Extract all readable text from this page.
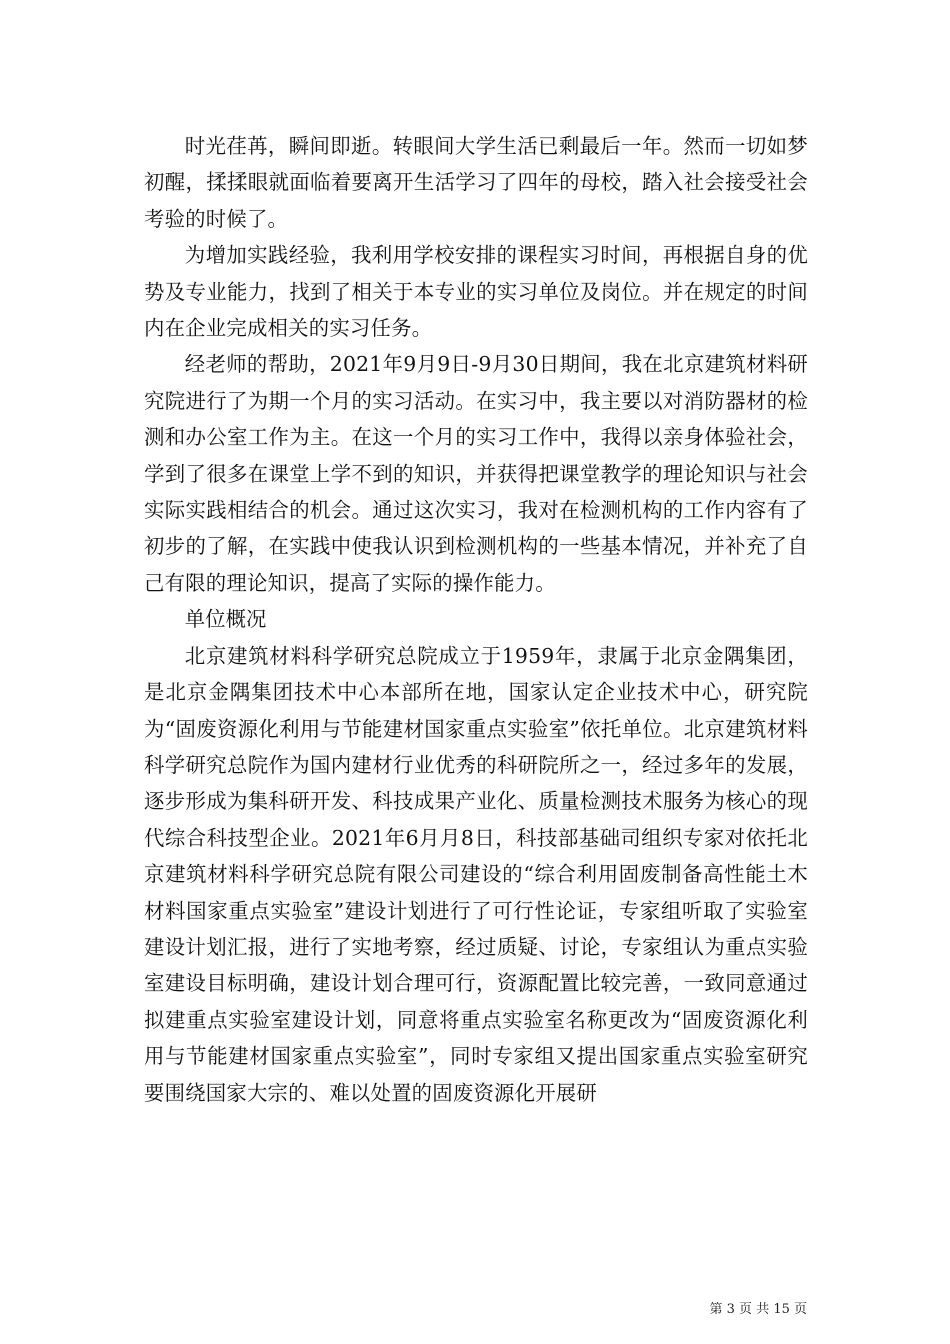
时光荏苒，瞬间即逝。转眼间大学生活已剩最后一年。然而一切如梦初醒，揉揉眼就面临着要离开生活学习了四年的母校，踏入社会接受社会考验的时候了。

为增加实践经验，我利用学校安排的课程实习时间，再根据自身的优势及专业能力，找到了相关于本专业的实习单位及岗位。并在规定的时间内在企业完成相关的实习任务。

经老师的帮助，2021年9月9日-9月30日期间，我在北京建筑材料研究院进行了为期一个月的实习活动。在实习中，我主要以对消防器材的检测和办公室工作为主。在这一个月的实习工作中，我得以亲身体验社会，学到了很多在课堂上学不到的知识，并获得把课堂教学的理论知识与社会实际实践相结合的机会。通过这次实习，我对在检测机构的工作内容有了初步的了解，在实践中使我认识到检测机构的一些基本情况，并补充了自己有限的理论知识，提高了实际的操作能力。

单位概况

北京建筑材料科学研究总院成立于1959年，隶属于北京金隅集团，是北京金隅集团技术中心本部所在地，国家认定企业技术中心，研究院为“固废资源化利用与节能建材国家重点实验室”依托单位。北京建筑材料科学研究总院作为国内建材行业优秀的科研院所之一，经过多年的发展，逐步形成为集科研开发、科技成果产业化、质量检测技术服务为核心的现代综合科技型企业。2021年6月月8日，科技部基础司组织专家对依托北京建筑材料科学研究总院有限公司建设的“综合利用固废制备高性能土木材料国家重点实验室”建设计划进行了可行性论证，专家组听取了实验室建设计划汇报，进行了实地考察，经过质疑、讨论，专家组认为重点实验室建设目标明确，建设计划合理可行，资源配置比较完善，一致同意通过拟建重点实验室建设计划，同意将重点实验室名称更改为“固废资源化利用与节能建材国家重点实验室”，同时专家组又提出国家重点实验室研究要围绕国家大宗的、难以处置的固废资源化开展研

第 3 页 共 15 页
